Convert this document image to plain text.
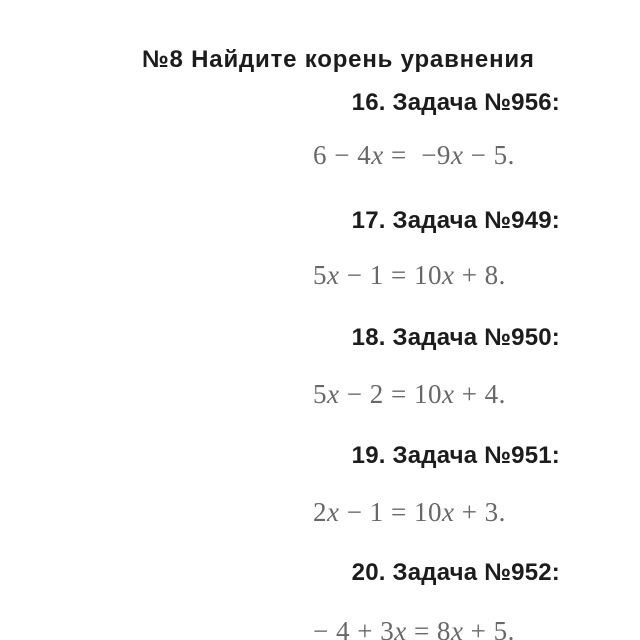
№8 Найдите корень уравнения
16. Задача №956:
6 − 4x =  −9x − 5.
17. Задача №949:
5x − 1 = 10x + 8.
18. Задача №950:
5x − 2 = 10x + 4.
19. Задача №951:
2x − 1 = 10x + 3.
20. Задача №952:
− 4 + 3x = 8x + 5.
